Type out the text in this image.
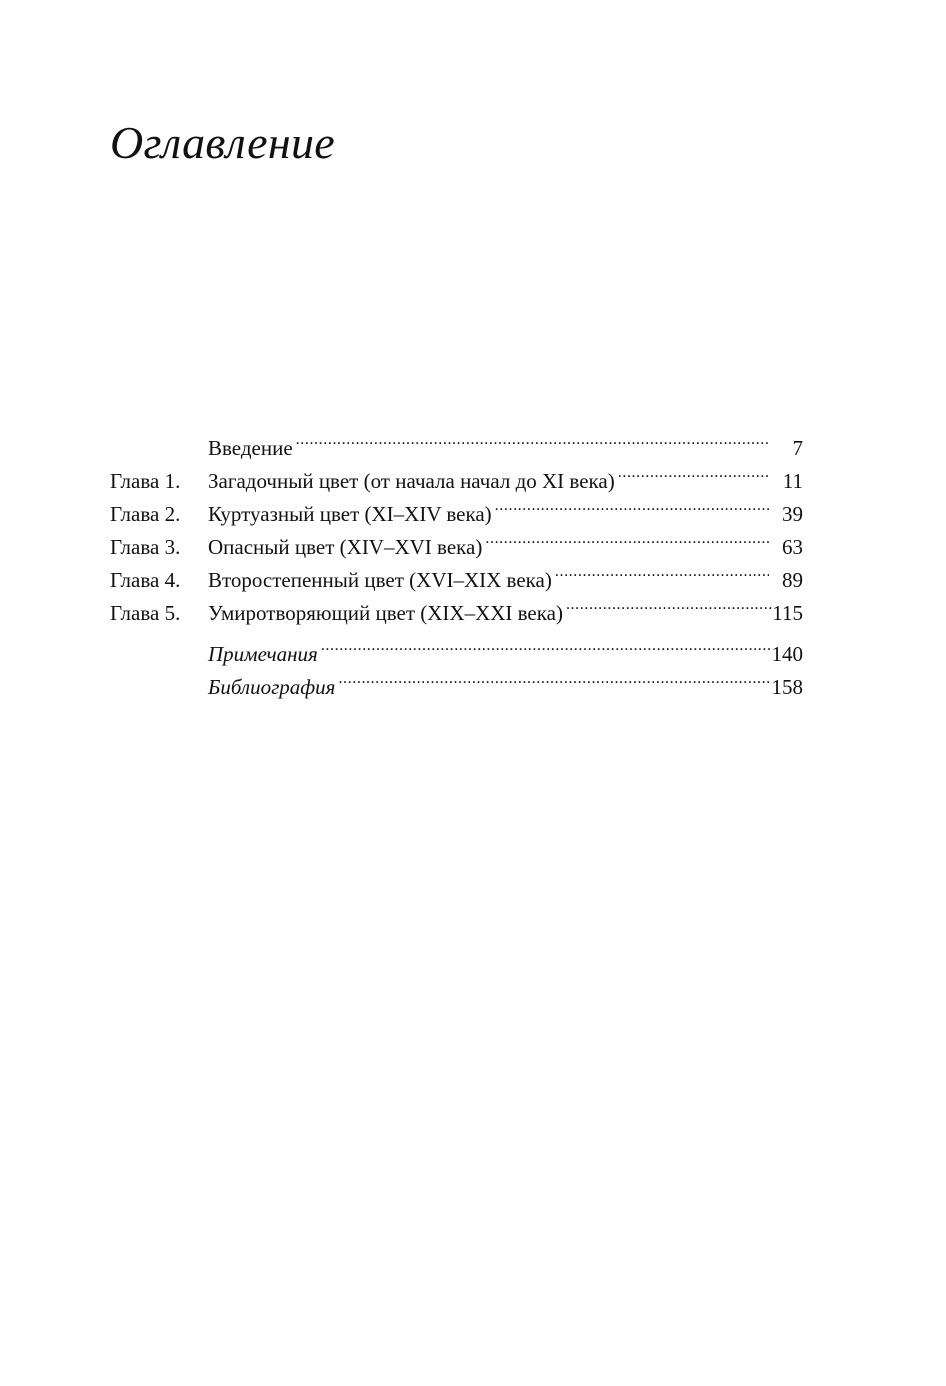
Оглавление
Введение .....	7
Глава 1.	Загадочный цвет (от начала начал до XI века) .....	11
Глава 2.	Куртуазный цвет (XI–XIV века) .....	39
Глава 3.	Опасный цвет (XIV–XVI века) .....	63
Глава 4.	Второстепенный цвет (XVI–XIX века) .....	89
Глава 5.	Умиротворяющий цвет (XIX–XXI века) .....	115
Примечания .....	140
Библиография .....	158
